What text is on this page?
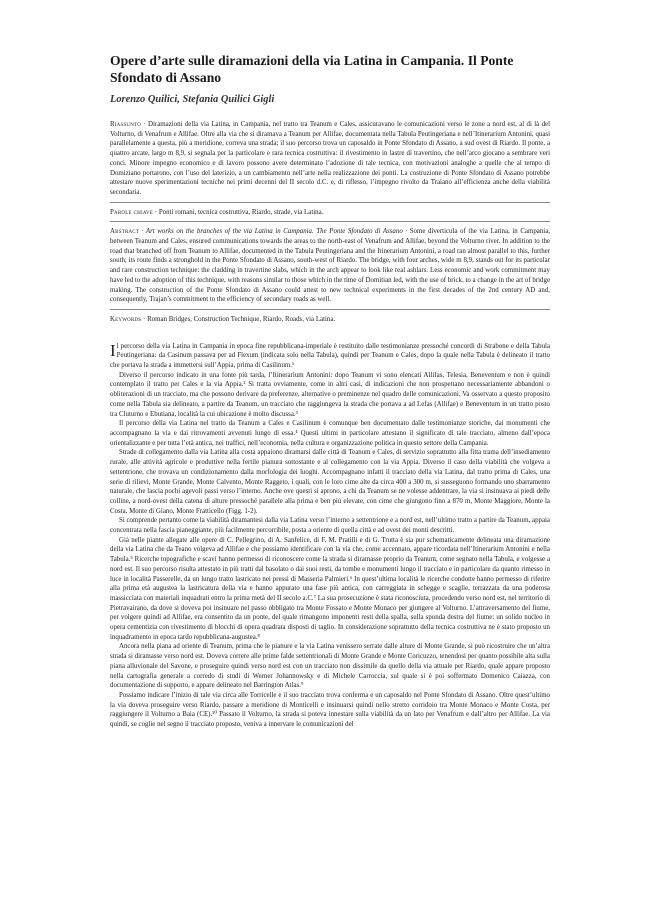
Opere d’arte sulle diramazioni della via Latina in Campania. Il Ponte Sfondato di Assano
Lorenzo Quilici, Stefania Quilici Gigli

Riassunto · Diramazioni della via Latina, in Campania, nel tratto tra Teanum e Cales, assicuravano le comunicazioni verso le zone a nord est, al di là del Volturno, di Venafrum e Allifae. Oltre alla via che si diramava a Teanum per Allifae, documentata nella Tabula Peutingeriana e nell’Itinerarium Antonini, quasi parallelamente a questa, più a meridione, correva una strada; il suo percorso trova un caposaldo in Ponte Sfondato di Assano, a sud ovest di Riardo. Il ponte, a quattro arcate, largo m 8,9, si segnala per la particolare e rara tecnica costruttiva: il rivestimento in lastre di travertino, che nell’arco giocano a sembrare veri conci. Minore impegno economico e di lavoro possono avere determinato l’adozione di tale tecnica, con motivazioni analoghe a quelle che al tempo di Domiziano portarono, con l’uso del laterizio, a un cambiamento nell’arte nella realizzazione dei ponti. La costruzione di Ponte Sfondato di Assano potrebbe attestare nuove sperimentazioni tecniche nei primi decenni del II secolo d.C. e, di riflesso, l’impegno rivolto da Traiano all’efficienza anche della viabilità secondaria.

Parole chiave · Ponti romani, tecnica costruttiva, Riardo, strade, via Latina.

Abstract · Art works on the branches of the via Latina in Campania. The Ponte Sfondato di Assano · Some diverticula of the via Latina, in Campania, between Teanum and Cales, ensured communications towards the areas to the north-east of Venafrum and Allifae, beyond the Volturno river. In addition to the road that branched off from Teanum to Allifae, documented in the Tabula Peutingeriana and the Itinerarium Antonini, a road ran almost parallel to this, further south; its route finds a stronghold in the Ponte Sfondato di Assano, south-west of Riardo. The bridge, with four arches, wide m 8,9, stands out for its particular and rare construction technique: the cladding in travertine slabs, which in the arch appear to look like real ashlars. Less economic and work commitment may have led to the adoption of this technique, with reasons similar to those which in the time of Domitian led, with the use of brick, to a change in the art of bridge making. The construction of the Ponte Sfondato di Assano could attest to new technical experiments in the first decades of the 2nd century AD and, consequently, Trajan’s commitment to the efficiency of secondary roads as well.

Keywords · Roman Bridges, Construction Technique, Riardo, Roads, via Latina.

Il percorso della via Latina in Campania in epoca fine repubblicana-imperiale è restituito dalle testimonianze pressoché concordi di Strabone e della Tabula Peutingeriana: da Casinum passava per ad Flexum (indicata solo nella Tabula), quindi per Teanum e Cales, dopo la quale nella Tabula è delineato il tratto che portava la strada a immettersi sull’Appia, prima di Casilinum.¹

Diverso il percorso indicato in una fonte più tarda, l’Itinerarium Antonini: dopo Teanum vi sono elencati Allifas, Telesia, Beneventum e non è quindi contemplato il tratto per Cales e la via Appia.² Si tratta ovviamente, come in altri casi, di indicazioni che non prospettano necessariamente abbandoni o obliterazioni di un tracciato, ma che possono derivare da preferenze, alternative o preminenze nel quadro delle comunicazioni. Va osservato a questo proposito come nella Tabula sia delineato, a partire da Teanum, un tracciato che raggiungeva la strada che portava a ad Lefas (Allifae) e Beneventum in un tratto posto tra Cluturno e Ebutiana, località la cui ubicazione è molto discussa.³

Il percorso della via Latina nel tratto da Teanum a Cales e Casilinum è comunque ben documentato dalle testimonianze storiche, dai monumenti che accompagnano la via e dai ritrovamenti avvenuti lungo di essa.⁴ Questi ultimi in particolare attestano il significato di tale tracciato, almeno dall’epoca orientalizzante e per tutta l’età antica, nei traffici, nell’economia, nella cultura e organizzazione politica in questo settore della Campania.

Strade di collegamento dalla via Latina alla costa appaiono diramarsi dalle città di Teanum e Cales, di servizio soprattutto alla fitta trama dell’insediamento rurale, alle attività agricole e produttive nella fertile pianura sottostante e al collegamento con la via Appia. Diverso il caso della viabilità che volgeva a settentrione, che trovava un condizionamento dalla morfologia dei luoghi. Accompagnano infatti il tracciato della via Latina, dal tratto prima di Cales, una serie di rilievi, Monte Grande, Monte Calvento, Monte Raggeto, i quali, con le loro cime alte da circa 400 a 300 m, si susseguono formando uno sbarramento naturale, che lascia pochi agevoli passi verso l’interno. Anche ove questi si aprono, a chi da Teanum se ne volesse addentrare, la via si insinuava ai piedi delle colline, a nord-ovest della catena di alture pressoché parallele alla prima e ben più elevate, con cime che giungono fino a 870 m, Monte Maggiore, Monte la Costa, Monte di Giano, Monte Fratticello (Figg. 1-2).

Si comprende pertanto come la viabilità diramantesi dalla via Latina verso l’interno a settentrione e a nord est, nell’ultimo tratto a partire da Teanum, appaia concentrata nella fascia pianeggiante, più facilmente percorribile, posta a oriente di quella città e ad ovest dei monti descritti.

Già nelle piante allegate alle opere di C. Pellegrino, di A. Sanfelice, di F. M. Pratilli e di G. Trutta è sia pur schematicamente delineata una diramazione della via Latina che da Teano volgeva ad Allifae e che possiamo identificare con la via che, come accennato, appare ricordata nell’Itinerarium Antonini e nella Tabula.⁵ Ricerche topografiche e scavi hanno permesso di riconoscere come la strada si diramasse proprio da Teanum, come segnato nella Tabula, e volgesse a nord est. Il suo percorso risulta attestato in più tratti dal basolato o dai suoi resti, da tombe e monumenti lungo il tracciato e in particolare da quanto rimesso in luce in località Passerelle, da un lungo tratto lastricato nei pressi di Masseria Palmieri.⁶ In quest’ultima località le ricerche condotte hanno permesso di riferire alla prima età augustea la lastricatura della via e hanno appurato una fase più antica, con carreggiata in schegge e scaglie, terrazzata da una poderosa massicciata con materiali inquadrati entro la prima metà del II secolo a.C.⁷ La sua prosecuzione è stata riconosciuta, procedendo verso nord est, nel territorio di Pietravairano, da dove si doveva poi insinuare nel passo obbligato tra Monte Fossato e Monte Monaco per giungere al Volturno. L’attraversamento del fiume, per volgere quindi ad Allifae, era consentito da un ponte, del quale rimangono imponenti resti della spalla, sulla sponda destra del fiume: un solido nucleo in opera cementizia con rivestimento di blocchi di opera quadrata disposti di taglio. In considerazione soprattutto della tecnica costruttiva ne è stato proposto un inquadramento in epoca tardo repubblicana-augustea.⁸

Ancora nella piana ad oriente di Teanum, prima che le pianure e la via Latina venissero serrate dalle alture di Monte Grande, si può ricostruire che un’altra strada si diramasse verso nord est. Doveva correre alle prime falde settentrionali di Monte Grande e Monte Coricuzzo, tenendosi per quanto possibile alta sulla piana alluvionale del Savone, e proseguire quindi verso nord est con un tracciato non dissimile da quello della via attuale per Riardo, quale appare proposto nella cartografia generale a corredo di studi di Werner Johannowsky e di Michele Carroccia, sul quale si è poi soffermato Domenico Caiazza, con documentazione di supporto, e appare delineato nel Barrington Atlas.⁹

Possiamo indicare l’inizio di tale via circa alle Torricelle e il suo tracciato trova conferma e un caposaldo nel Ponte Sfondato di Assano. Oltre quest’ultimo la via doveva proseguire verso Riardo, passare a meridione di Monticelli e insinuarsi quindi nello stretto corridoio tra Monte Monaco e Monte Costa, per raggiungere il Volturno a Baia (CE).¹⁰ Passato il Volturno, la strada si poteva innestare sulla viabilità da un lato per Venafrum e dall’altro per Allifae. La via quindi, se coglie nel segno il tracciato proposto, veniva a innervare le comunicazioni del
